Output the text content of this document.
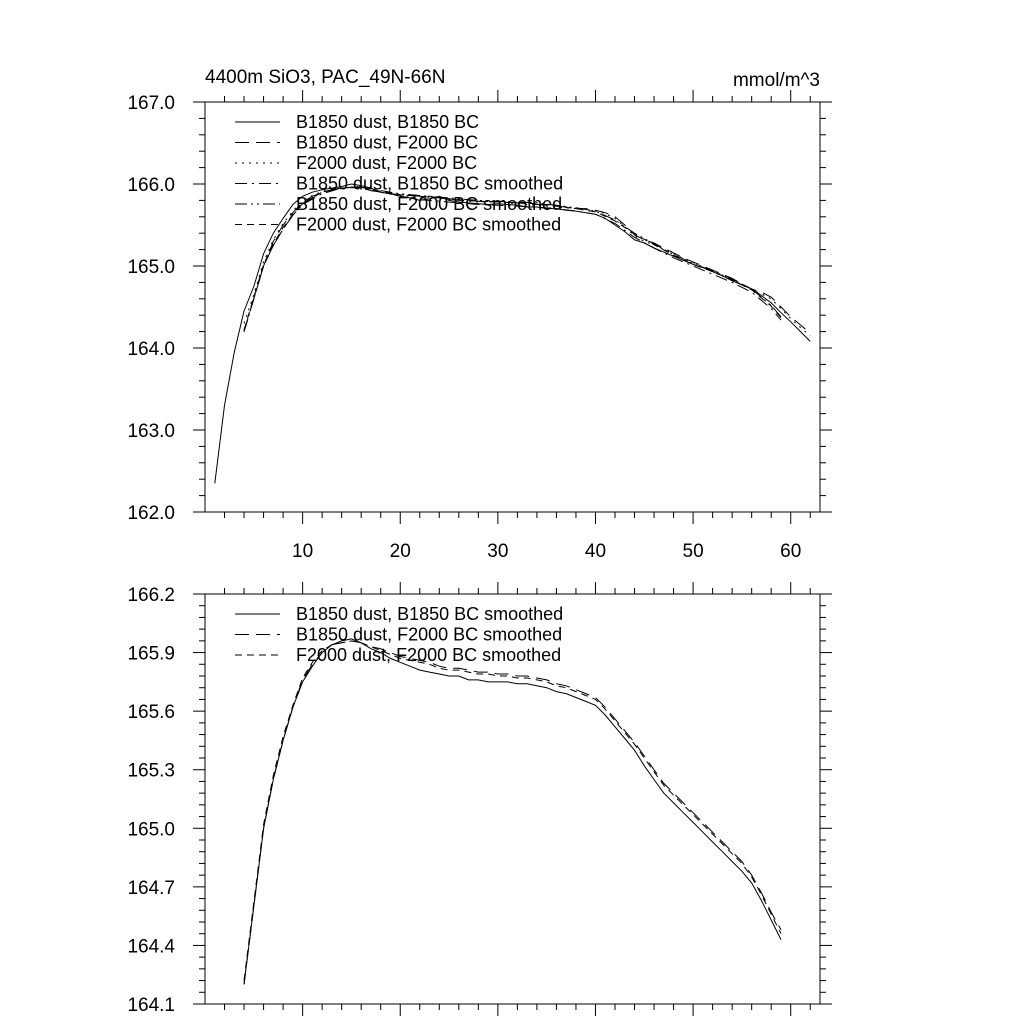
4400m SiO3, PAC_49N-66N	mmol/m^3
10	20	30	40	50	60
162.0
163.0
164.0
165.0
166.0
167.0
B1850 dust, B1850 BC
B1850 dust, F2000 BC
F2000 dust, F2000 BC
B1850 dust, B1850 BC smoothed
B1850 dust, F2000 BC smoothed
F2000 dust, F2000 BC smoothed
164.1
164.4
164.7
165.0
165.3
165.6
165.9
166.2
B1850 dust, B1850 BC smoothed
B1850 dust, F2000 BC smoothed
F2000 dust, F2000 BC smoothed
